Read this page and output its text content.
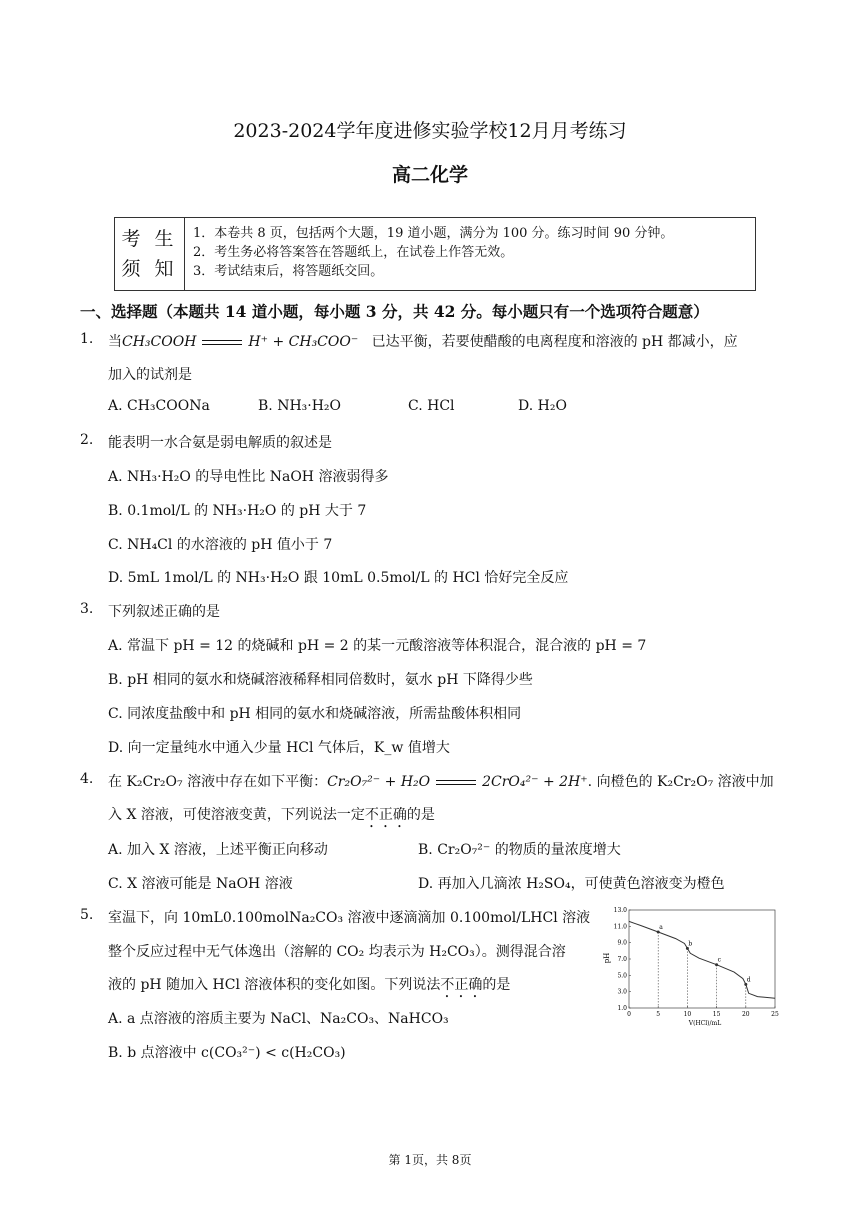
2023-2024学年度进修实验学校12月月考练习
高二化学
考 生
须 知
1．本卷共 8 页，包括两个大题，19 道小题，满分为 100 分。练习时间 90 分钟。
2．考生务必将答案答在答题纸上，在试卷上作答无效。
3．考试结束后，将答题纸交回。
一、选择题（本题共 14 道小题，每小题 3 分，共 42 分。每小题只有一个选项符合题意）
1. 当CH₃COOH	H⁺ + CH₃COO⁻ 已达平衡，若要使醋酸的电离程度和溶液的 pH 都减小，应
加入的试剂是
A. CH₃COONa	B. NH₃·H₂O	C. HCl	D. H₂O
2. 能表明一水合氨是弱电解质的叙述是
A. NH₃·H₂O 的导电性比 NaOH 溶液弱得多
B. 0.1mol/L 的 NH₃·H₂O 的 pH 大于 7
C. NH₄Cl 的水溶液的 pH 值小于 7
D. 5mL 1mol/L 的 NH₃·H₂O 跟 10mL 0.5mol/L 的 HCl 恰好完全反应
3. 下列叙述正确的是
A. 常温下 pH = 12 的烧碱和 pH = 2 的某一元酸溶液等体积混合，混合液的 pH = 7
B. pH 相同的氨水和烧碱溶液稀释相同倍数时，氨水 pH 下降得少些
C. 同浓度盐酸中和 pH 相同的氨水和烧碱溶液，所需盐酸体积相同
D. 向一定量纯水中通入少量 HCl 气体后，K_w 值增大
4. 在 K₂Cr₂O₇ 溶液中存在如下平衡：Cr₂O₇²⁻ + H₂O	2CrO₄²⁻ + 2H⁺. 向橙色的 K₂Cr₂O₇ 溶液中加
入 X 溶液，可使溶液变黄，下列说法一定不正确的是
A. 加入 X 溶液，上述平衡正向移动	B. Cr₂O₇²⁻ 的物质的量浓度增大
C. X 溶液可能是 NaOH 溶液	D. 再加入几滴浓 H₂SO₄，可使黄色溶液变为橙色
5. 室温下，向 10mL0.100molNa₂CO₃ 溶液中逐滴滴加 0.100mol/LHCl 溶液
整个反应过程中无气体逸出（溶解的 CO₂ 均表示为 H₂CO₃）。测得混合溶
液的 pH 随加入 HCl 溶液体积的变化如图。下列说法不正确的是
A. a 点溶液的溶质主要为 NaCl、Na₂CO₃、NaHCO₃
B. b 点溶液中 c(CO₃²⁻) < c(H₂CO₃)
0	5	10	15	20	25
1.0
3.0
5.0
7.0
9.0
11.0
13.0
a
b
c
d
V(HCl)/mL
pH
第 1页，共 8页
